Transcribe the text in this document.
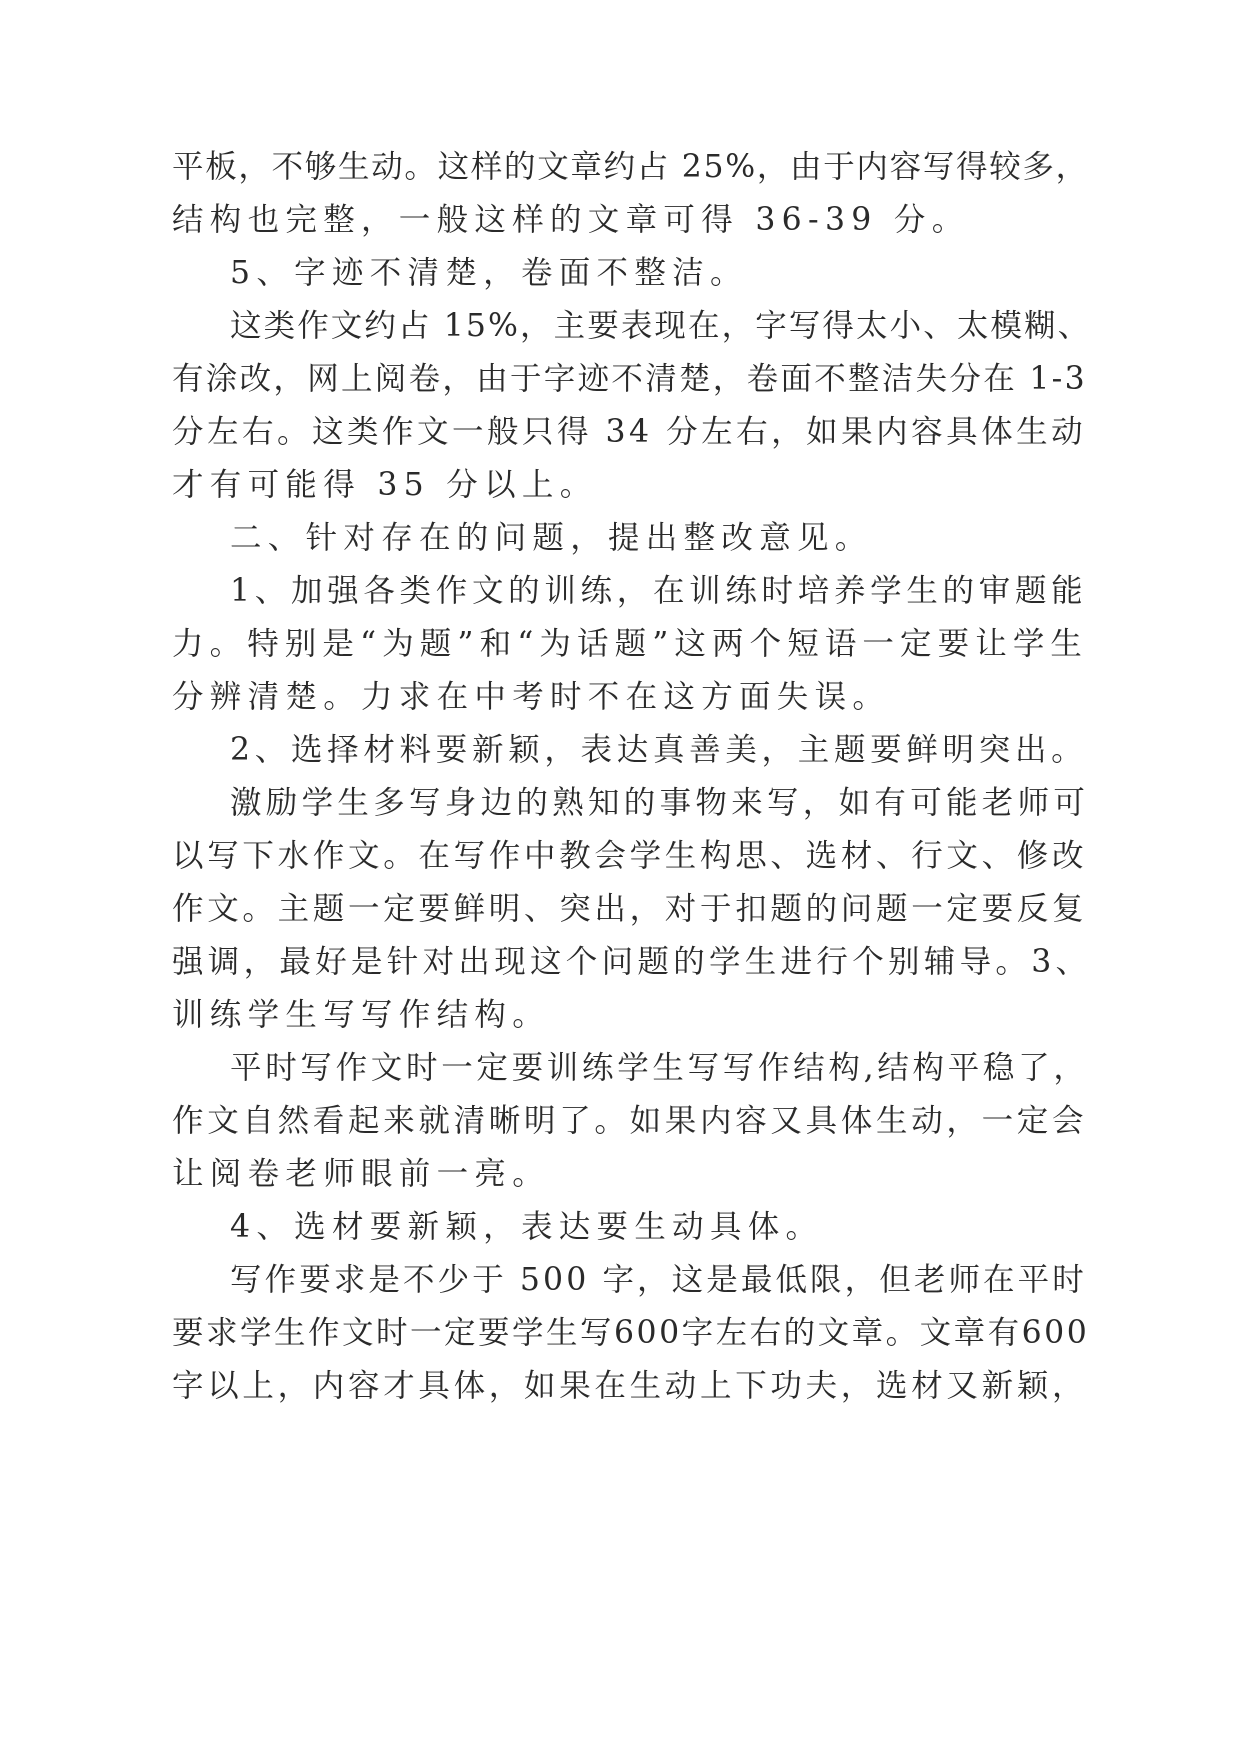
平板，不够生动。这样的文章约占 25%，由于内容写得较多，
结构也完整，一般这样的文章可得 36-39 分。
5、字迹不清楚，卷面不整洁。
这类作文约占 15%，主要表现在，字写得太小、太模糊、
有涂改，网上阅卷，由于字迹不清楚，卷面不整洁失分在 1-3
分左右。这类作文一般只得 34 分左右，如果内容具体生动
才有可能得 35 分以上。
二、针对存在的问题，提出整改意见。
1、加强各类作文的训练，在训练时培养学生的审题能
力。特别是“为题”和“为话题”这两个短语一定要让学生
分辨清楚。力求在中考时不在这方面失误。
2、选择材料要新颖，表达真善美，主题要鲜明突出。
激励学生多写身边的熟知的事物来写，如有可能老师可
以写下水作文。在写作中教会学生构思、选材、行文、修改
作文。主题一定要鲜明、突出，对于扣题的问题一定要反复
强调，最好是针对出现这个问题的学生进行个别辅导。3、
训练学生写写作结构。
平时写作文时一定要训练学生写写作结构,结构平稳了，
作文自然看起来就清晰明了。如果内容又具体生动，一定会
让阅卷老师眼前一亮。
4、选材要新颖，表达要生动具体。
写作要求是不少于 500 字，这是最低限，但老师在平时
要求学生作文时一定要学生写600字左右的文章。文章有600
字以上，内容才具体，如果在生动上下功夫，选材又新颖，
